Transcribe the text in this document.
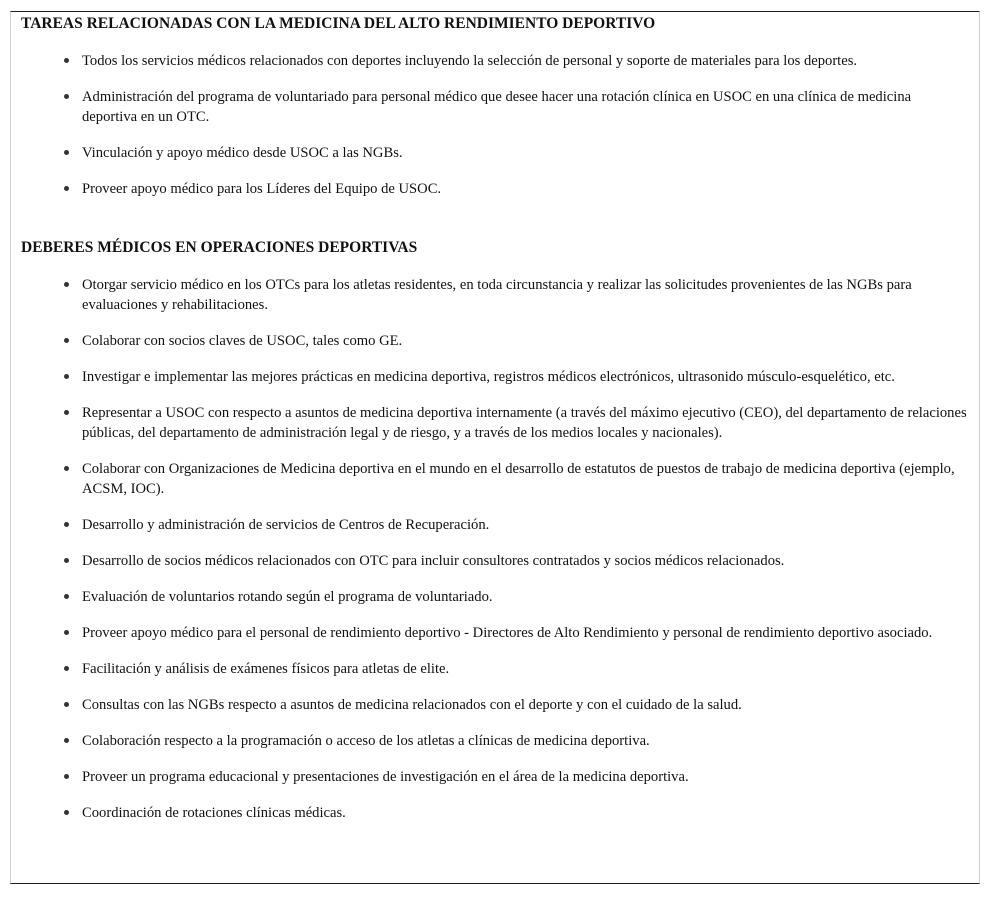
TAREAS RELACIONADAS CON LA MEDICINA DEL ALTO RENDIMIENTO DEPORTIVO
Todos los servicios médicos relacionados con deportes incluyendo la selección de personal y soporte de materiales para los deportes.
Administración del programa de voluntariado para personal médico que desee hacer una rotación clínica en USOC en una clínica de medicina deportiva en un OTC.
Vinculación y apoyo médico desde USOC a las NGBs.
Proveer apoyo médico para los Líderes del Equipo de USOC.
DEBERES MÉDICOS EN OPERACIONES DEPORTIVAS
Otorgar servicio médico en los OTCs para los atletas residentes, en toda circunstancia y realizar las solicitudes provenientes de las NGBs para evaluaciones y rehabilitaciones.
Colaborar con socios claves de USOC, tales como GE.
Investigar e implementar las mejores prácticas en medicina deportiva, registros médicos electrónicos, ultrasonido músculo-esquelético, etc.
Representar a USOC con respecto a asuntos de medicina deportiva internamente (a través del máximo ejecutivo (CEO), del departamento de relaciones públicas, del departamento de administración legal y de riesgo, y a través de los medios locales y nacionales).
Colaborar con Organizaciones de Medicina deportiva en el mundo en el desarrollo de estatutos de puestos de trabajo de medicina deportiva (ejemplo, ACSM, IOC).
Desarrollo y administración de servicios de Centros de Recuperación.
Desarrollo de socios médicos relacionados con OTC para incluir consultores contratados y socios médicos relacionados.
Evaluación de voluntarios rotando según el programa de voluntariado.
Proveer apoyo médico para el personal de rendimiento deportivo - Directores de Alto Rendimiento y personal de rendimiento deportivo asociado.
Facilitación y análisis de exámenes físicos para atletas de elite.
Consultas con las NGBs respecto a asuntos de medicina relacionados con el deporte y con el cuidado de la salud.
Colaboración respecto a la programación o acceso de los atletas a clínicas de medicina deportiva.
Proveer un programa educacional y presentaciones de investigación en el área de la medicina deportiva.
Coordinación de rotaciones clínicas médicas.
